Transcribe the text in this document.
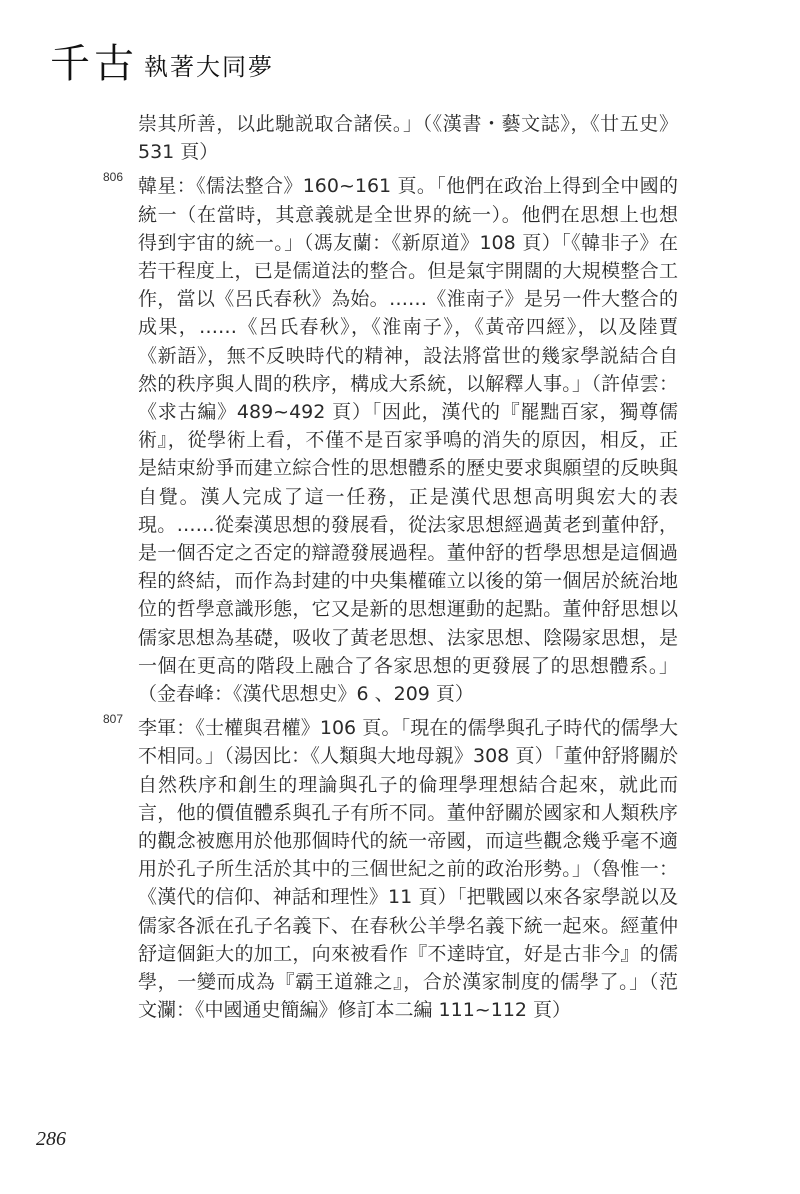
千古 執著大同夢
崇其所善，以此馳説取合諸侯。」（《漢書・藝文誌》，《廿五史》531 頁）
806 韓星：《儒法整合》160~161 頁。「他們在政治上得到全中國的統一（在當時，其意義就是全世界的統一）。他們在思想上也想得到宇宙的統一。」（馮友蘭：《新原道》108 頁）「《韓非子》在若干程度上，已是儒道法的整合。但是氣宇開闊的大規模整合工作，當以《呂氏春秋》為始。……《淮南子》是另一件大整合的成果，……《呂氏春秋》，《淮南子》，《黃帝四經》，以及陸賈《新語》，無不反映時代的精神，設法將當世的幾家學説結合自然的秩序與人間的秩序，構成大系統，以解釋人事。」（許倬雲：《求古編》489~492 頁）「因此，漢代的『罷黜百家，獨尊儒術』，從學術上看，不僅不是百家爭鳴的消失的原因，相反，正是結束紛爭而建立綜合性的思想體系的歷史要求與願望的反映與自覺。漢人完成了這一任務，正是漢代思想高明與宏大的表現。……從秦漢思想的發展看，從法家思想經過黃老到董仲舒，是一個否定之否定的辯證發展過程。董仲舒的哲學思想是這個過程的終結，而作為封建的中央集權確立以後的第一個居於統治地位的哲學意識形態，它又是新的思想運動的起點。董仲舒思想以儒家思想為基礎，吸收了黃老思想、法家思想、陰陽家思想，是一個在更高的階段上融合了各家思想的更發展了的思想體系。」（金春峰：《漢代思想史》6 、209 頁）
807 李軍：《士權與君權》106 頁。「現在的儒學與孔子時代的儒學大不相同。」（湯因比：《人類與大地母親》308 頁）「董仲舒將關於自然秩序和創生的理論與孔子的倫理學理想結合起來，就此而言，他的價值體系與孔子有所不同。董仲舒關於國家和人類秩序的觀念被應用於他那個時代的統一帝國，而這些觀念幾乎毫不適用於孔子所生活於其中的三個世紀之前的政治形勢。」（魯惟一：《漢代的信仰、神話和理性》11 頁）「把戰國以來各家學説以及儒家各派在孔子名義下、在春秋公羊學名義下統一起來。經董仲舒這個鉅大的加工，向來被看作『不達時宜，好是古非今』的儒學，一變而成為『霸王道雜之』，合於漢家制度的儒學了。」（范文瀾：《中國通史簡編》修訂本二編 111~112 頁）
286
